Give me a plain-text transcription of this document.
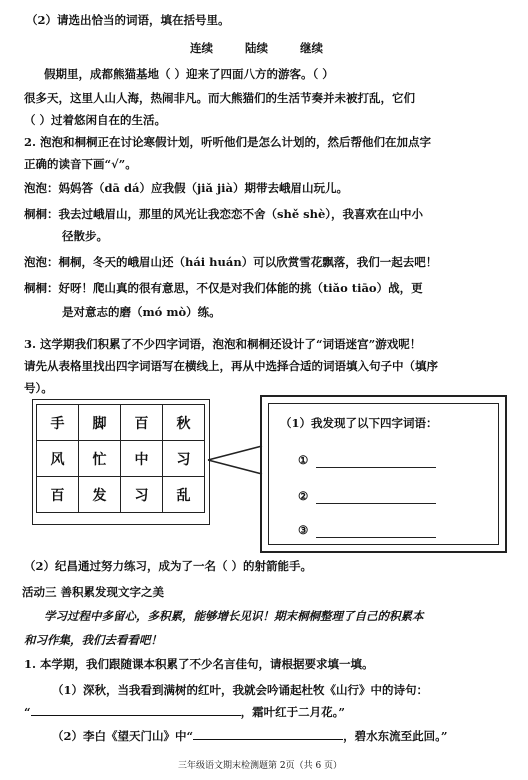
（2）请选出恰当的词语，填在括号里。
连续	陆续	继续
假期里，成都熊猫基地（ ）迎来了四面八方的游客。（ ）
很多天，这里人山人海，热闹非凡。而大熊猫们的生活节奏并未被打乱，它们
（ ）过着悠闲自在的生活。
2. 泡泡和桐桐正在讨论寒假计划，听听他们是怎么计划的，然后帮他们在加点字
正确的读音下画“√”。
泡泡：妈妈答（dā dá）应我假（jiǎ jià）期带去峨眉山玩儿。
桐桐：我去过峨眉山，那里的风光让我恋恋不舍（shě shè），我喜欢在山中小
径散步。
泡泡：桐桐，冬天的峨眉山还（hái huán）可以欣赏雪花飘落，我们一起去吧！
桐桐：好呀！爬山真的很有意思，不仅是对我们体能的挑（tiǎo tiāo）战，更
是对意志的磨（mó mò）练。
3. 这学期我们积累了不少四字词语，泡泡和桐桐还设计了“词语迷宫”游戏呢！
请先从表格里找出四字词语写在横线上，再从中选择合适的词语填入句子中（填序
号）。
手	脚	百	秋
风	忙	中	习
百	发	习	乱
（1）我发现了以下四字词语：
①
②
③
（2）纪昌通过努力练习，成为了一名（ ）的射箭能手。
活动三 善积累发现文字之美
学习过程中多留心，多积累，能够增长见识！期末桐桐整理了自己的积累本
和习作集，我们去看看吧！
1. 本学期，我们跟随课本积累了不少名言佳句，请根据要求填一填。
（1）深秋，当我看到满树的红叶，我就会吟诵起杜牧《山行》中的诗句：
“	，霜叶红于二月花。”
（2）李白《望天门山》中“	，碧水东流至此回。”
三年级语文期末检测题第 2页（共 6 页）
